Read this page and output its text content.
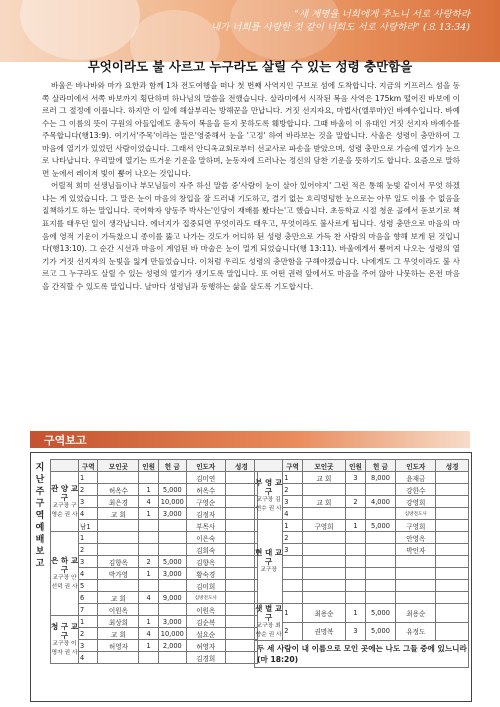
"새 계명을 너희에게 주노니 서로 사랑하라
내가 너희를 사랑한 것 같이 너희도 서로 사랑하라" (요 13:34)
무엇이라도 불 사르고 누구라도 살릴 수 있는 성령 충만함을

바울은 바나바와 마가 요한과 함께 1차 전도여행을 떠나 첫 번째 사역지인 구브로 섬에 도착합니다. 지금의 키프러스 섬을 동쪽 살라미에서 서쪽 바보까지 횡단하며 하나님의 말씀을 전했습니다. 살라미에서 시작된 복음 사역은 175km 떨어진 바보에 이르러 그 절정에 이릅니다. 하지만 이 일에 해살부리는 방해꾼을 만납니다. 거짓 선지자요, 마법사(엘루마)인 바예수입니다. 바예수는 그 이름의 뜻이 구원의 아들입에도 총독이 복음을 듣지 못하도록 훼방합니다. 그때 바울이 이 유대인 거짓 선지자 바예수를 주목합니다(행13:9). 여기서'주목'이라는 말은'영중해서 눈을 '고정' 하여 바라보는 것을 말합니다. 사울은 성령이 충만하여 그 마음에 열기가 있었던 사람이었습니다. 그래서 안디옥교회로부터 선교사로 파송을 받았으며, 성령 충만으로 가슴에 열기가 눈으로 나타납니다. 우리말에 열기는 뜨거운 기운을 말하며, 눈동자에 드러나는 정신의 담찬 기운을 뜻하기도 합니다. 요즘으로 말하면 눈에서 레이저 빛이 뿜어 나오는 것입니다.

어릴적 희미 선생님들이나 부모님들이 자주 하신 말씀 중'사람이 눈이 살아 있어야지' 그런 적은 통해 눈빛 같이서 무엇 하겠냐는 게 있었습니다. 그 말은 눈이 마음의 창입을 잘 드러내 기도하고, 결기 없는 흐리멍텅한 눈으로는 아무 일도 이룰 수 없음을 질책하기도 하는 말입니다. 국어학자 양동주 박사는'인당이 재배를 봤다는'고 했습니다. 초등학교 시절 청운 골에서 돋보기로 책 표지를 태우던 일이 생각납니다. 에너지가 집중되면 무엇이라도 태우고, 무엇이라도 불사르게 됩니다. 성령 충만으로 마음의 마음에 영적 기운이 가득찼으니 종이를 뚫고 나가는 것도가 어디하 된 성령 충만으로 가득 찬 사람의 마음을 향해 보게 된 것입니다(행13:10). 그 순간 시선과 마음이 계엄된 바 마술은 눈이 멀게 되었습니다(행 13:11). 바울에게서 뿜어져 나오는 성령의 열기가 거짓 선지자의 눈빛을 잃게 만들었습니다. 이처럼 우리도 성령의 충만함을 구해야겠습니다. 나에게도 그 무엇이라도 불 사르고 그 누구라도 살릴 수 있는 성령의 열기가 생기도록 말입니다. 또 어떤 권력 앞에서도 마음을 주어 않아 나뭇하는 온전 마음을 간직할 수 있도록 말입니다. 날마다 성령님과 동행하는 삶을 살도록 기도합시다.

구역보고
지
난
주
구
역
예
배
보
고
	구역	모인곳	인원	헌 금	인도자	성경

관 양 교 구
교구장 구영순 권 사	1				김미연	
	2	허옥수	1	5,000	허옥수	
	3	최은경	4	10,000	구영순	
	4	교 회	1	3,000	김정자	
	남1				부목사	

은 하 교 구
교구장 안선덕 권 사	1				이은숙	
	2				김희숙	
	3	김향옥	2	5,000	김향옥	
	4	박가영	1	3,000	황숙경	
	5				김미희	
	6	교 회	4	9,000	심방전도사	
	7	이원옥			이원옥	

청 구 교 구
교구장 이명자 권 사	1	최상희	1	3,000	김순복	
	2	교 회	4	10,000	설요순	
	3	허영자	1	2,000	허영자	
	4				김경희	
	구역	모인곳	인원	헌 금	인도자	성경

부 영 교 구
교구장 김현수 권 사	1	교 회	3	8,000	윤재금	
	2				강한수	
	3	교 회	2	4,000	강영희	
	4				심방전도사	

현 대 교 구
교구장	1	구영희	1	5,000	구영희	
	2				안영옥	
	3				박인자	

샛 별 교 구
교구장 최향순 권 사	1	최용순	1	5,000	최용순	
	2	권명복	3	5,000	유정도	
두 세 사람이 내 이름으로 모인 곳에는 나도 그들 중에 있느니라(마 18:20)						
